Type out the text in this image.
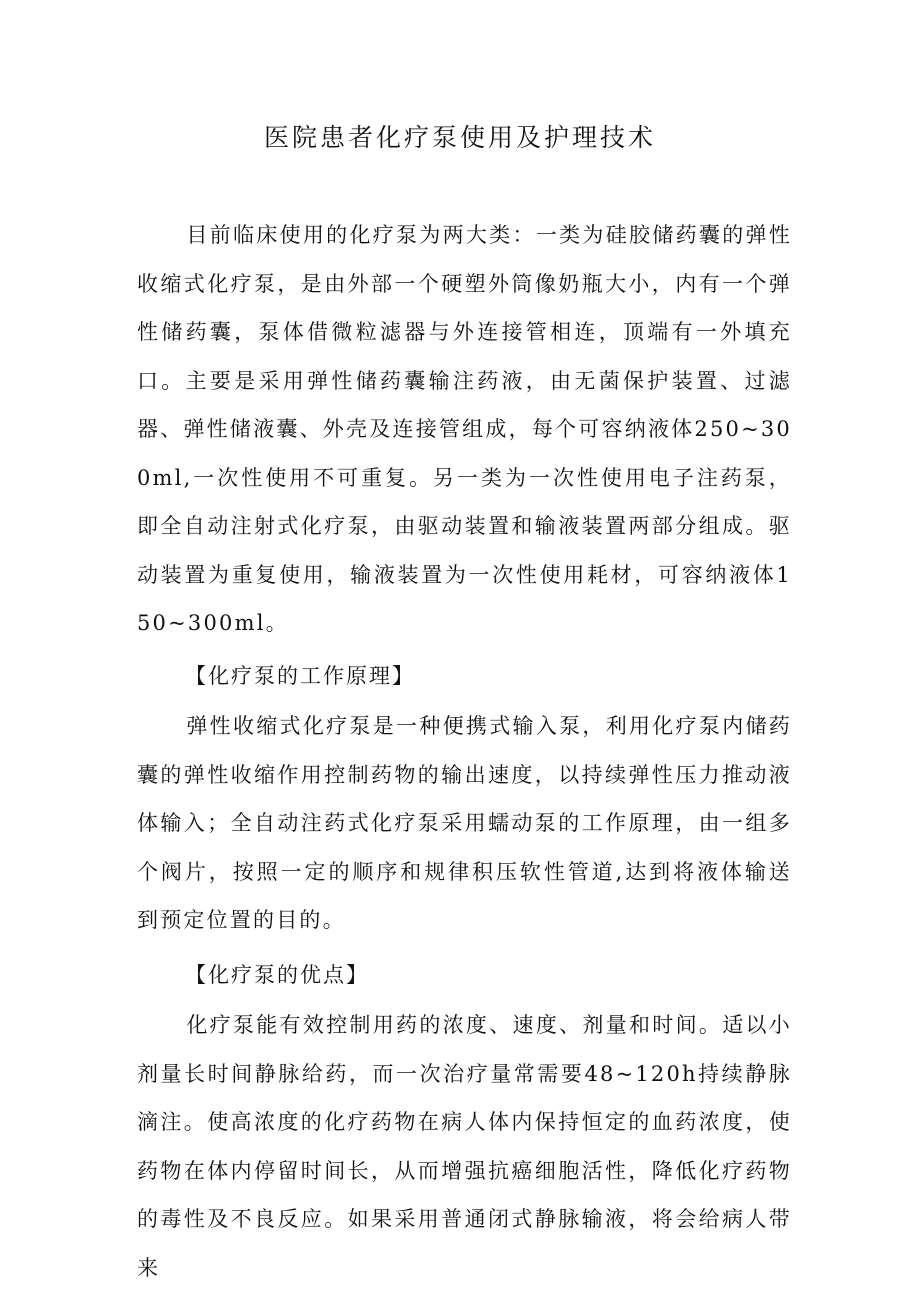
医院患者化疗泵使用及护理技术

目前临床使用的化疗泵为两大类：一类为硅胶储药囊的弹性收缩式化疗泵，是由外部一个硬塑外筒像奶瓶大小，内有一个弹性储药囊，泵体借微粒滤器与外连接管相连，顶端有一外填充口。主要是采用弹性储药囊输注药液，由无菌保护装置、过滤器、弹性储液囊、外壳及连接管组成，每个可容纳液体250~300ml,一次性使用不可重复。另一类为一次性使用电子注药泵，即全自动注射式化疗泵，由驱动装置和输液装置两部分组成。驱动装置为重复使用，输液装置为一次性使用耗材，可容纳液体150~300ml。

【化疗泵的工作原理】

弹性收缩式化疗泵是一种便携式输入泵，利用化疗泵内储药囊的弹性收缩作用控制药物的输出速度，以持续弹性压力推动液体输入；全自动注药式化疗泵采用蠕动泵的工作原理，由一组多个阀片，按照一定的顺序和规律积压软性管道,达到将液体输送到预定位置的目的。

【化疗泵的优点】

化疗泵能有效控制用药的浓度、速度、剂量和时间。适以小剂量长时间静脉给药，而一次治疗量常需要48~120h持续静脉滴注。使高浓度的化疗药物在病人体内保持恒定的血药浓度，使药物在体内停留时间长，从而增强抗癌细胞活性，降低化疗药物的毒性及不良反应。如果采用普通闭式静脉输液，将会给病人带来
